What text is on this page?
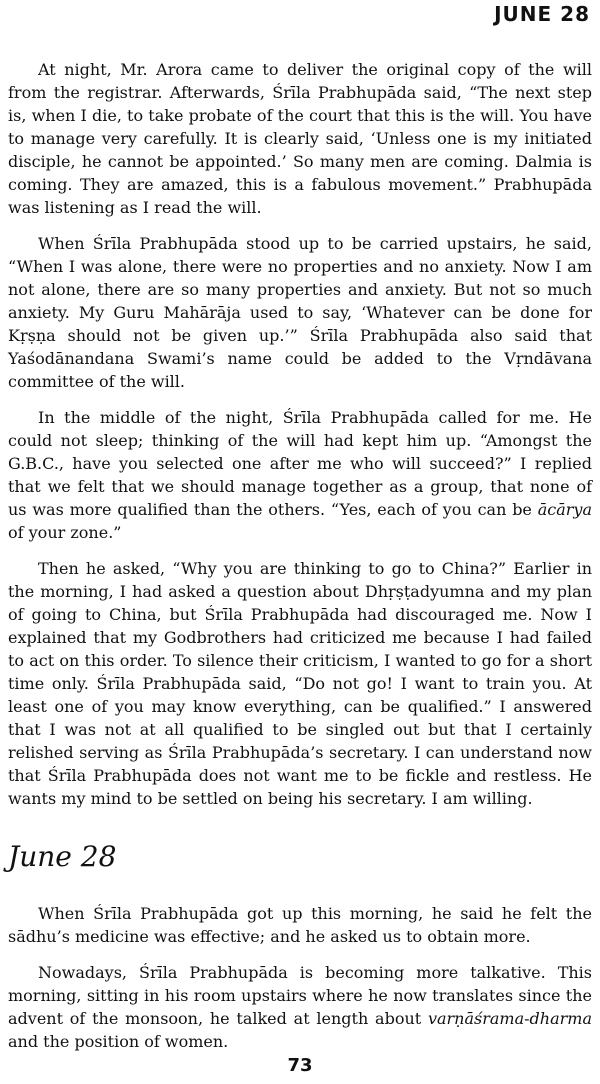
JUNE 28

At night, Mr. Arora came to deliver the original copy of the will from the registrar. Afterwards, Śrīla Prabhupāda said, “The next step is, when I die, to take probate of the court that this is the will. You have to manage very carefully. It is clearly said, ‘Unless one is my initiated disciple, he cannot be appointed.’ So many men are coming. Dalmia is coming. They are amazed, this is a fabulous movement.” Prabhupāda was listening as I read the will.

When Śrīla Prabhupāda stood up to be carried upstairs, he said, “When I was alone, there were no properties and no anxiety. Now I am not alone, there are so many properties and anxiety. But not so much anxiety. My Guru Mahārāja used to say, ‘Whatever can be done for Kṛṣṇa should not be given up.’” Śrīla Prabhupāda also said that Yaśodānandana Swami’s name could be added to the Vṛndāvana committee of the will.

In the middle of the night, Śrīla Prabhupāda called for me. He could not sleep; thinking of the will had kept him up. “Amongst the G.B.C., have you selected one after me who will succeed?” I replied that we felt that we should manage together as a group, that none of us was more qualified than the others. “Yes, each of you can be ācārya of your zone.”

Then he asked, “Why you are thinking to go to China?” Earlier in the morning, I had asked a question about Dhṛṣṭadyumna and my plan of going to China, but Śrīla Prabhupāda had discouraged me. Now I explained that my Godbrothers had criticized me because I had failed to act on this order. To silence their criticism, I wanted to go for a short time only. Śrīla Prabhupāda said, “Do not go! I want to train you. At least one of you may know everything, can be qualified.” I answered that I was not at all qualified to be singled out but that I certainly relished serving as Śrīla Prabhupāda’s secretary. I can understand now that Śrīla Prabhupāda does not want me to be fickle and restless. He wants my mind to be settled on being his secretary. I am willing.

June 28

When Śrīla Prabhupāda got up this morning, he said he felt the sādhu’s medicine was effective; and he asked us to obtain more.

Nowadays, Śrīla Prabhupāda is becoming more talkative. This morning, sitting in his room upstairs where he now translates since the advent of the monsoon, he talked at length about varṇāśrama-dharma and the position of women.

73
